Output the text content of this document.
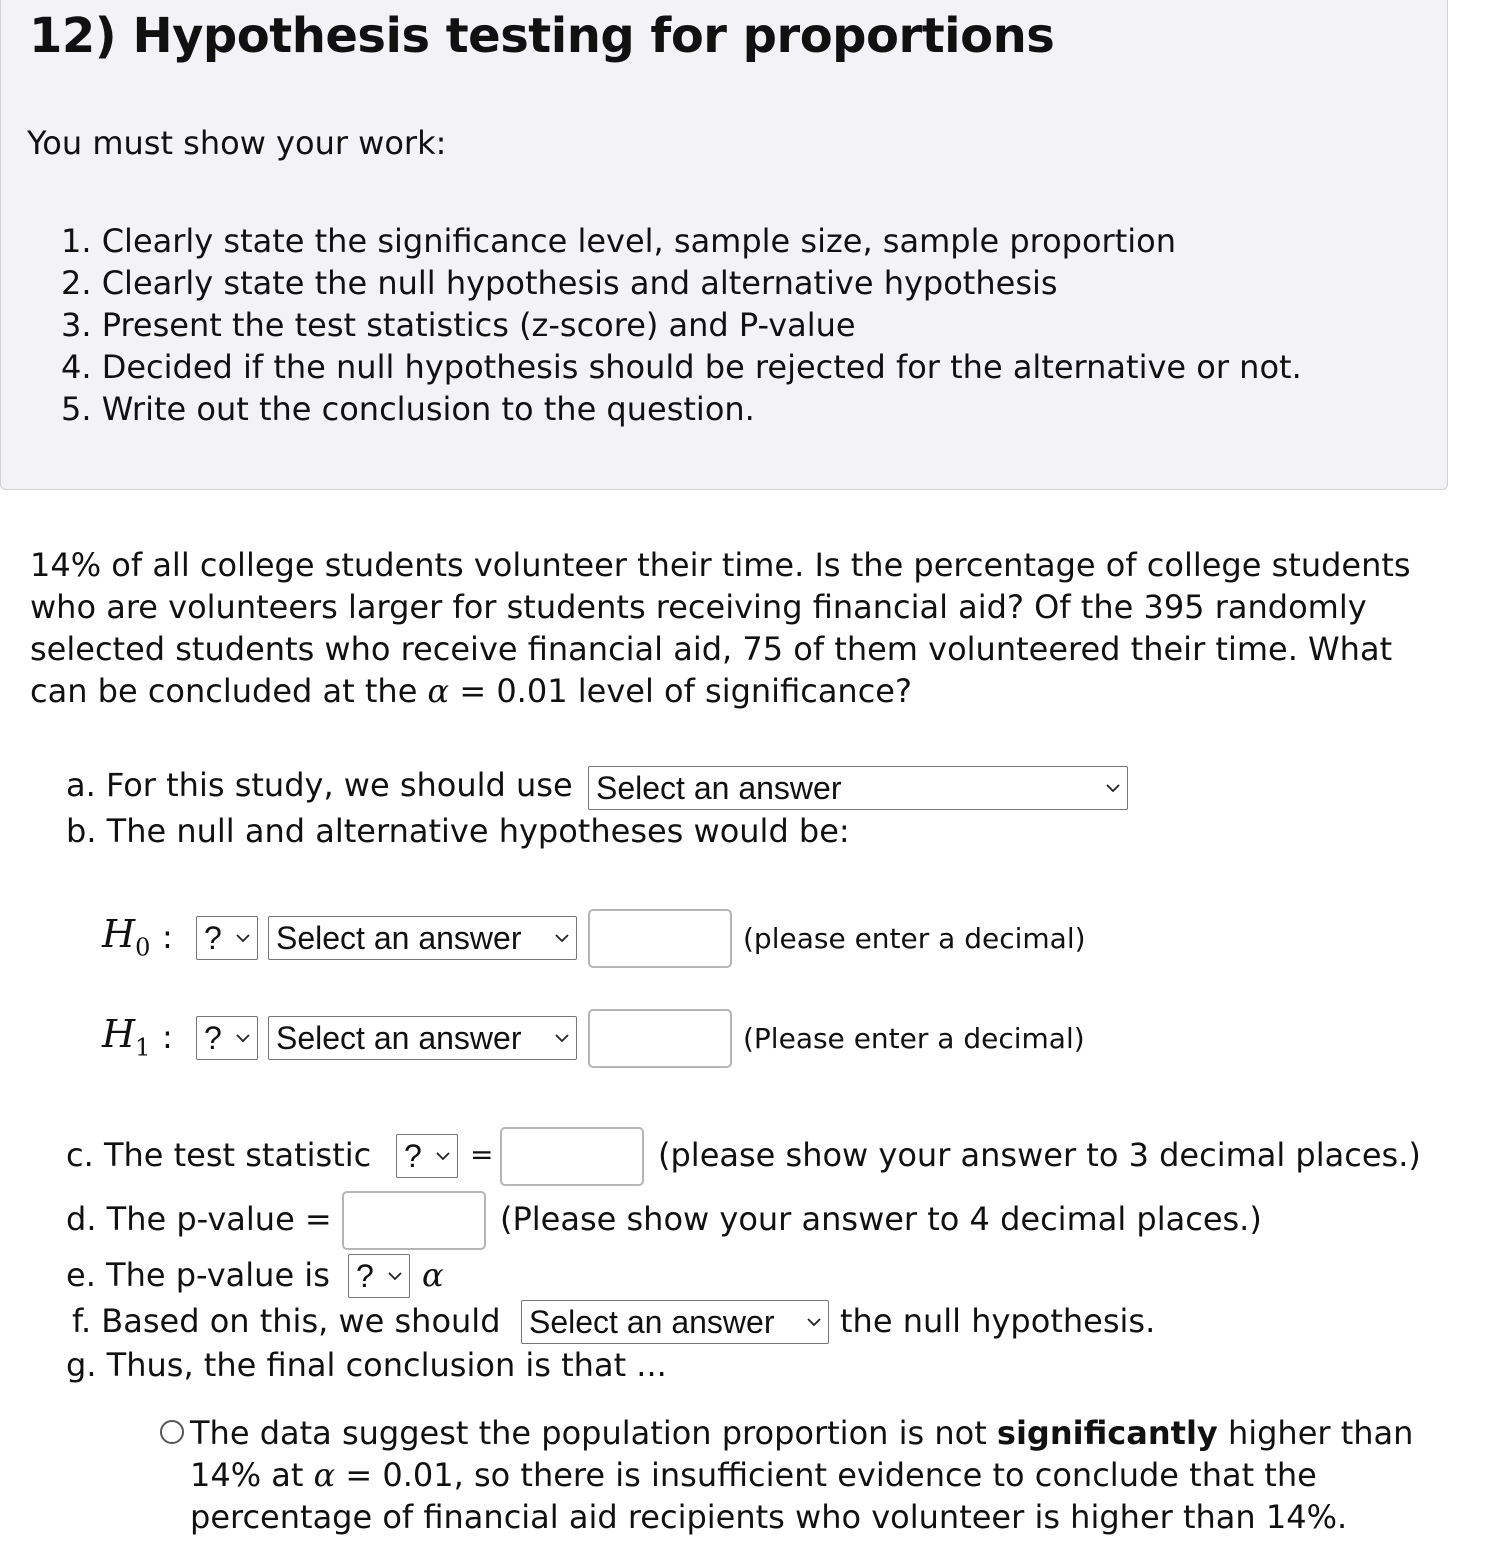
12) Hypothesis testing for proportions
You must show your work:
1. Clearly state the significance level, sample size, sample proportion
2. Clearly state the null hypothesis and alternative hypothesis
3. Present the test statistics (z-score) and P-value
4. Decided if the null hypothesis should be rejected for the alternative or not.
5. Write out the conclusion to the question.

14% of all college students volunteer their time. Is the percentage of college students who are volunteers larger for students receiving financial aid? Of the 395 randomly selected students who receive financial aid, 75 of them volunteered their time. What can be concluded at the α = 0.01 level of significance?

a. For this study, we should use Select an answer
b. The null and alternative hypotheses would be:
$H_0$ : ? Select an answer	(please enter a decimal)
$H_1$ : ? Select an answer	(Please enter a decimal)
c. The test statistic ? =	(please show your answer to 3 decimal places.)
d. The p-value =	(Please show your answer to 4 decimal places.)
e. The p-value is ? α
f. Based on this, we should Select an answer the null hypothesis.
g. Thus, the final conclusion is that ...
The data suggest the population proportion is not significantly higher than 14% at α = 0.01, so there is insufficient evidence to conclude that the percentage of financial aid recipients who volunteer is higher than 14%.
